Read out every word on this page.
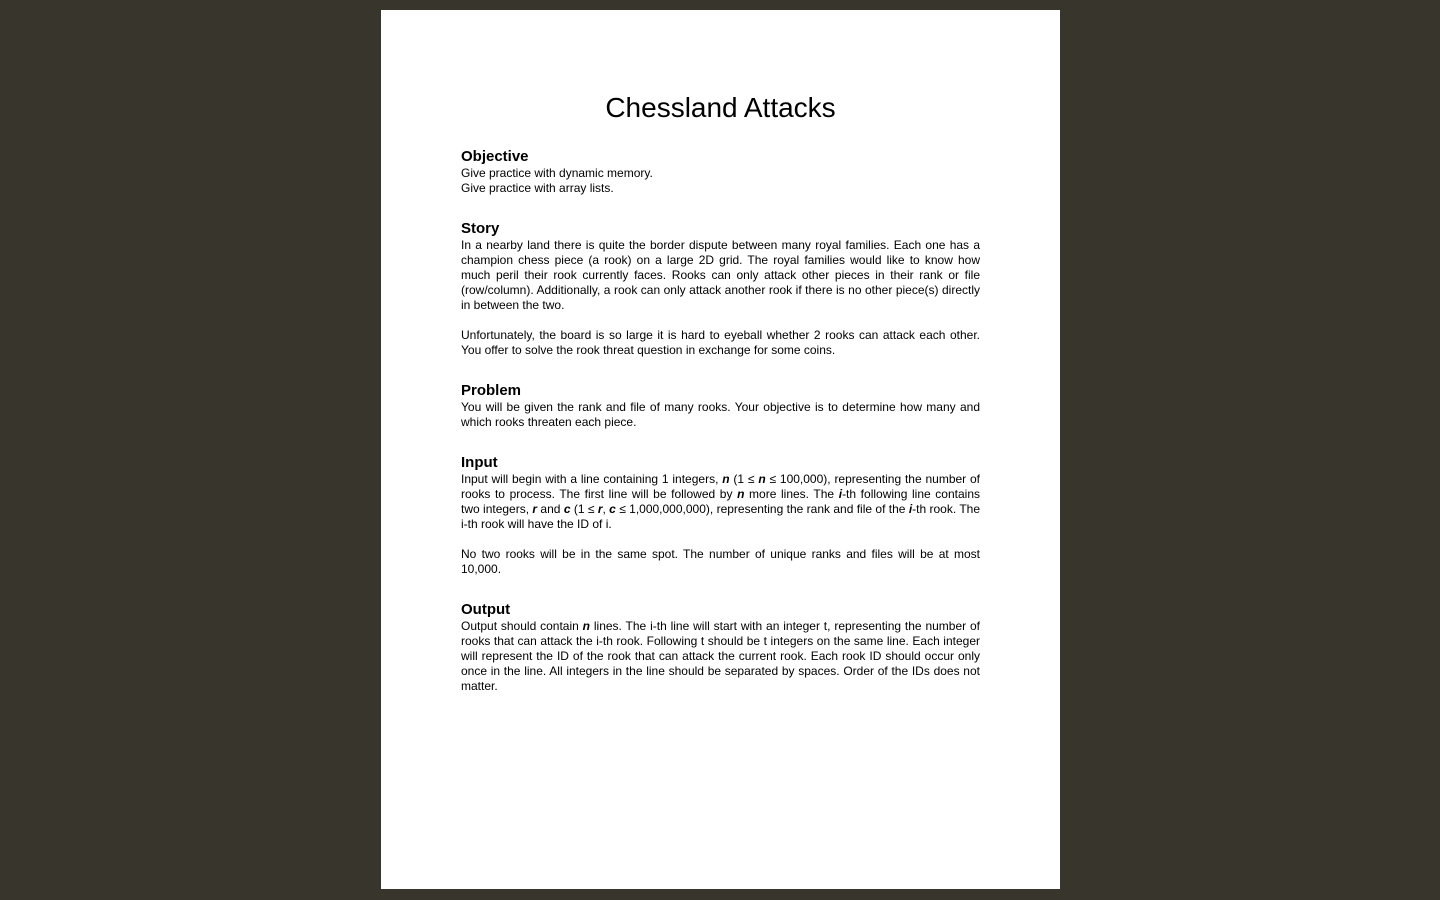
Chessland Attacks
Objective

Give practice with dynamic memory.

Give practice with array lists.

Story

In a nearby land there is quite the border dispute between many royal families. Each one has a champion chess piece (a rook) on a large 2D grid. The royal families would like to know how much peril their rook currently faces. Rooks can only attack other pieces in their rank or file (row/column). Additionally, a rook can only attack another rook if there is no other piece(s) directly in between the two.

Unfortunately, the board is so large it is hard to eyeball whether 2 rooks can attack each other. You offer to solve the rook threat question in exchange for some coins.

Problem

You will be given the rank and file of many rooks. Your objective is to determine how many and which rooks threaten each piece.

Input

Input will begin with a line containing 1 integers, n (1 ≤ n ≤ 100,000), representing the number of rooks to process. The first line will be followed by n more lines. The i-th following line contains two integers, r and c (1 ≤ r, c ≤ 1,000,000,000), representing the rank and file of the i-th rook. The i-th rook will have the ID of i.

No two rooks will be in the same spot. The number of unique ranks and files will be at most 10,000.

Output

Output should contain n lines. The i-th line will start with an integer t, representing the number of rooks that can attack the i-th rook. Following t should be t integers on the same line. Each integer will represent the ID of the rook that can attack the current rook. Each rook ID should occur only once in the line. All integers in the line should be separated by spaces. Order of the IDs does not matter.
